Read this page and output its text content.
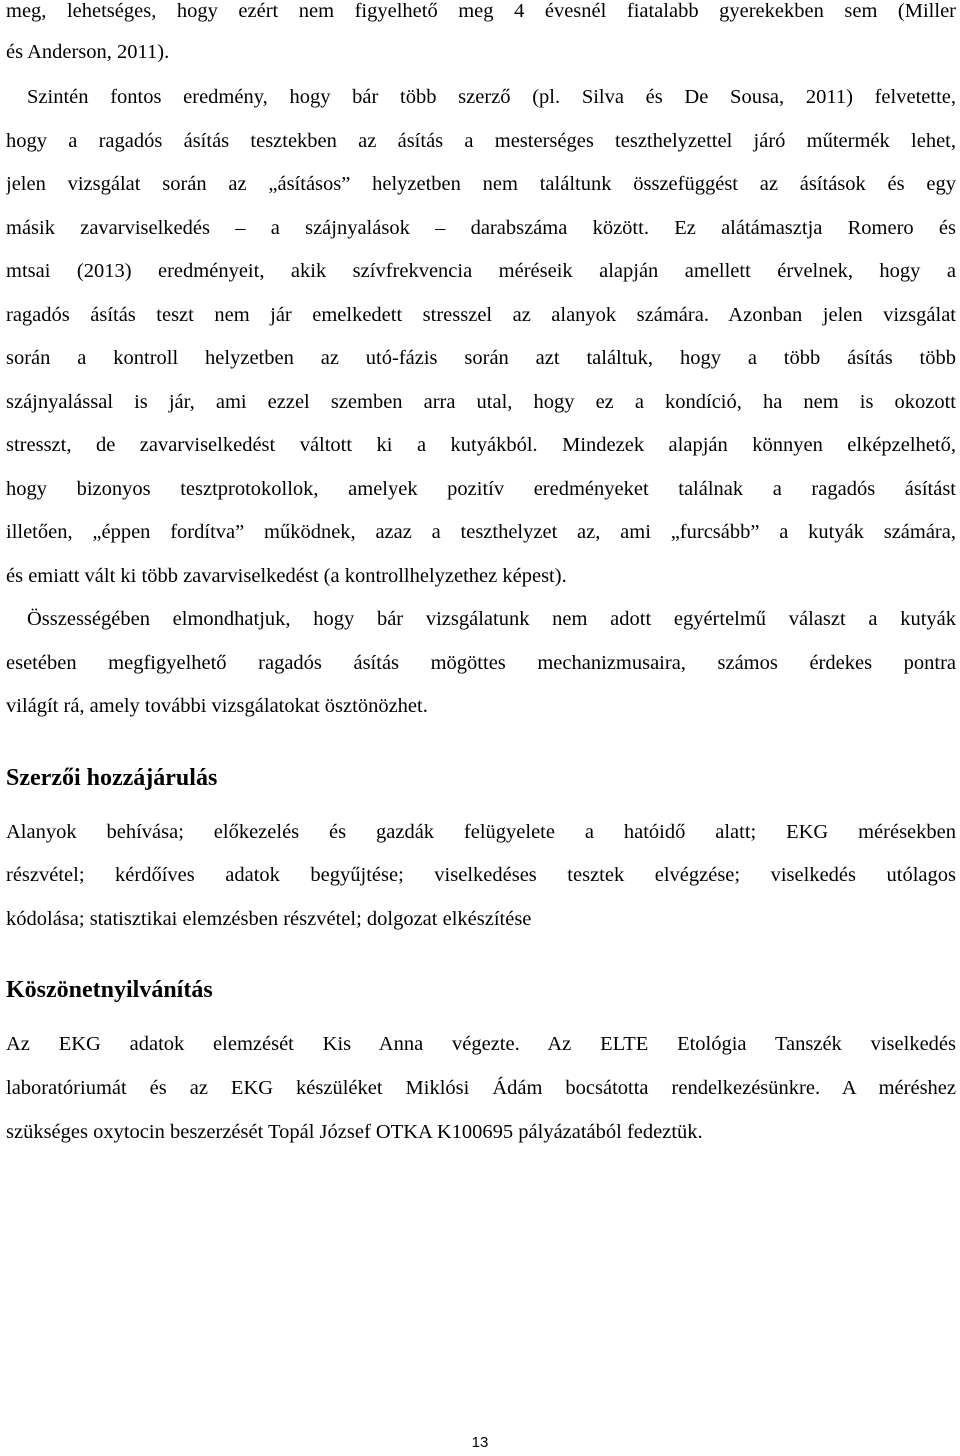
meg, lehetséges, hogy ezért nem figyelhető meg 4 évesnél fiatalabb gyerekekben sem (Miller
és Anderson, 2011).
Szintén fontos eredmény, hogy bár több szerző (pl. Silva és De Sousa, 2011) felvetette,
hogy a ragadós ásítás tesztekben az ásítás a mesterséges teszthelyzettel járó műtermék lehet,
jelen vizsgálat során az „ásításos” helyzetben nem találtunk összefüggést az ásítások és egy
másik zavarviselkedés – a szájnyalások – darabszáma között. Ez alátámasztja Romero és
mtsai (2013) eredményeit, akik szívfrekvencia méréseik alapján amellett érvelnek, hogy a
ragadós ásítás teszt nem jár emelkedett stresszel az alanyok számára. Azonban jelen vizsgálat
során a kontroll helyzetben az utó-fázis során azt találtuk, hogy a több ásítás több
szájnyalással is jár, ami ezzel szemben arra utal, hogy ez a kondíció, ha nem is okozott
stresszt, de zavarviselkedést váltott ki a kutyákból. Mindezek alapján könnyen elképzelhető,
hogy bizonyos tesztprotokollok, amelyek pozitív eredményeket találnak a ragadós ásítást
illetően, „éppen fordítva” működnek, azaz a teszthelyzet az, ami „furcsább” a kutyák számára,
és emiatt vált ki több zavarviselkedést (a kontrollhelyzethez képest).
Összességében elmondhatjuk, hogy bár vizsgálatunk nem adott egyértelmű választ a kutyák
esetében megfigyelhető ragadós ásítás mögöttes mechanizmusaira, számos érdekes pontra
világít rá, amely további vizsgálatokat ösztönözhet.
Szerzői hozzájárulás
Alanyok behívása; előkezelés és gazdák felügyelete a hatóidő alatt; EKG mérésekben
részvétel; kérdőíves adatok begyűjtése; viselkedéses tesztek elvégzése; viselkedés utólagos
kódolása; statisztikai elemzésben részvétel; dolgozat elkészítése
Köszönetnyilvánítás
Az EKG adatok elemzését Kis Anna végezte. Az ELTE Etológia Tanszék viselkedés
laboratóriumát és az EKG készüléket Miklósi Ádám bocsátotta rendelkezésünkre. A méréshez
szükséges oxytocin beszerzését Topál József OTKA K100695 pályázatából fedeztük.
13
